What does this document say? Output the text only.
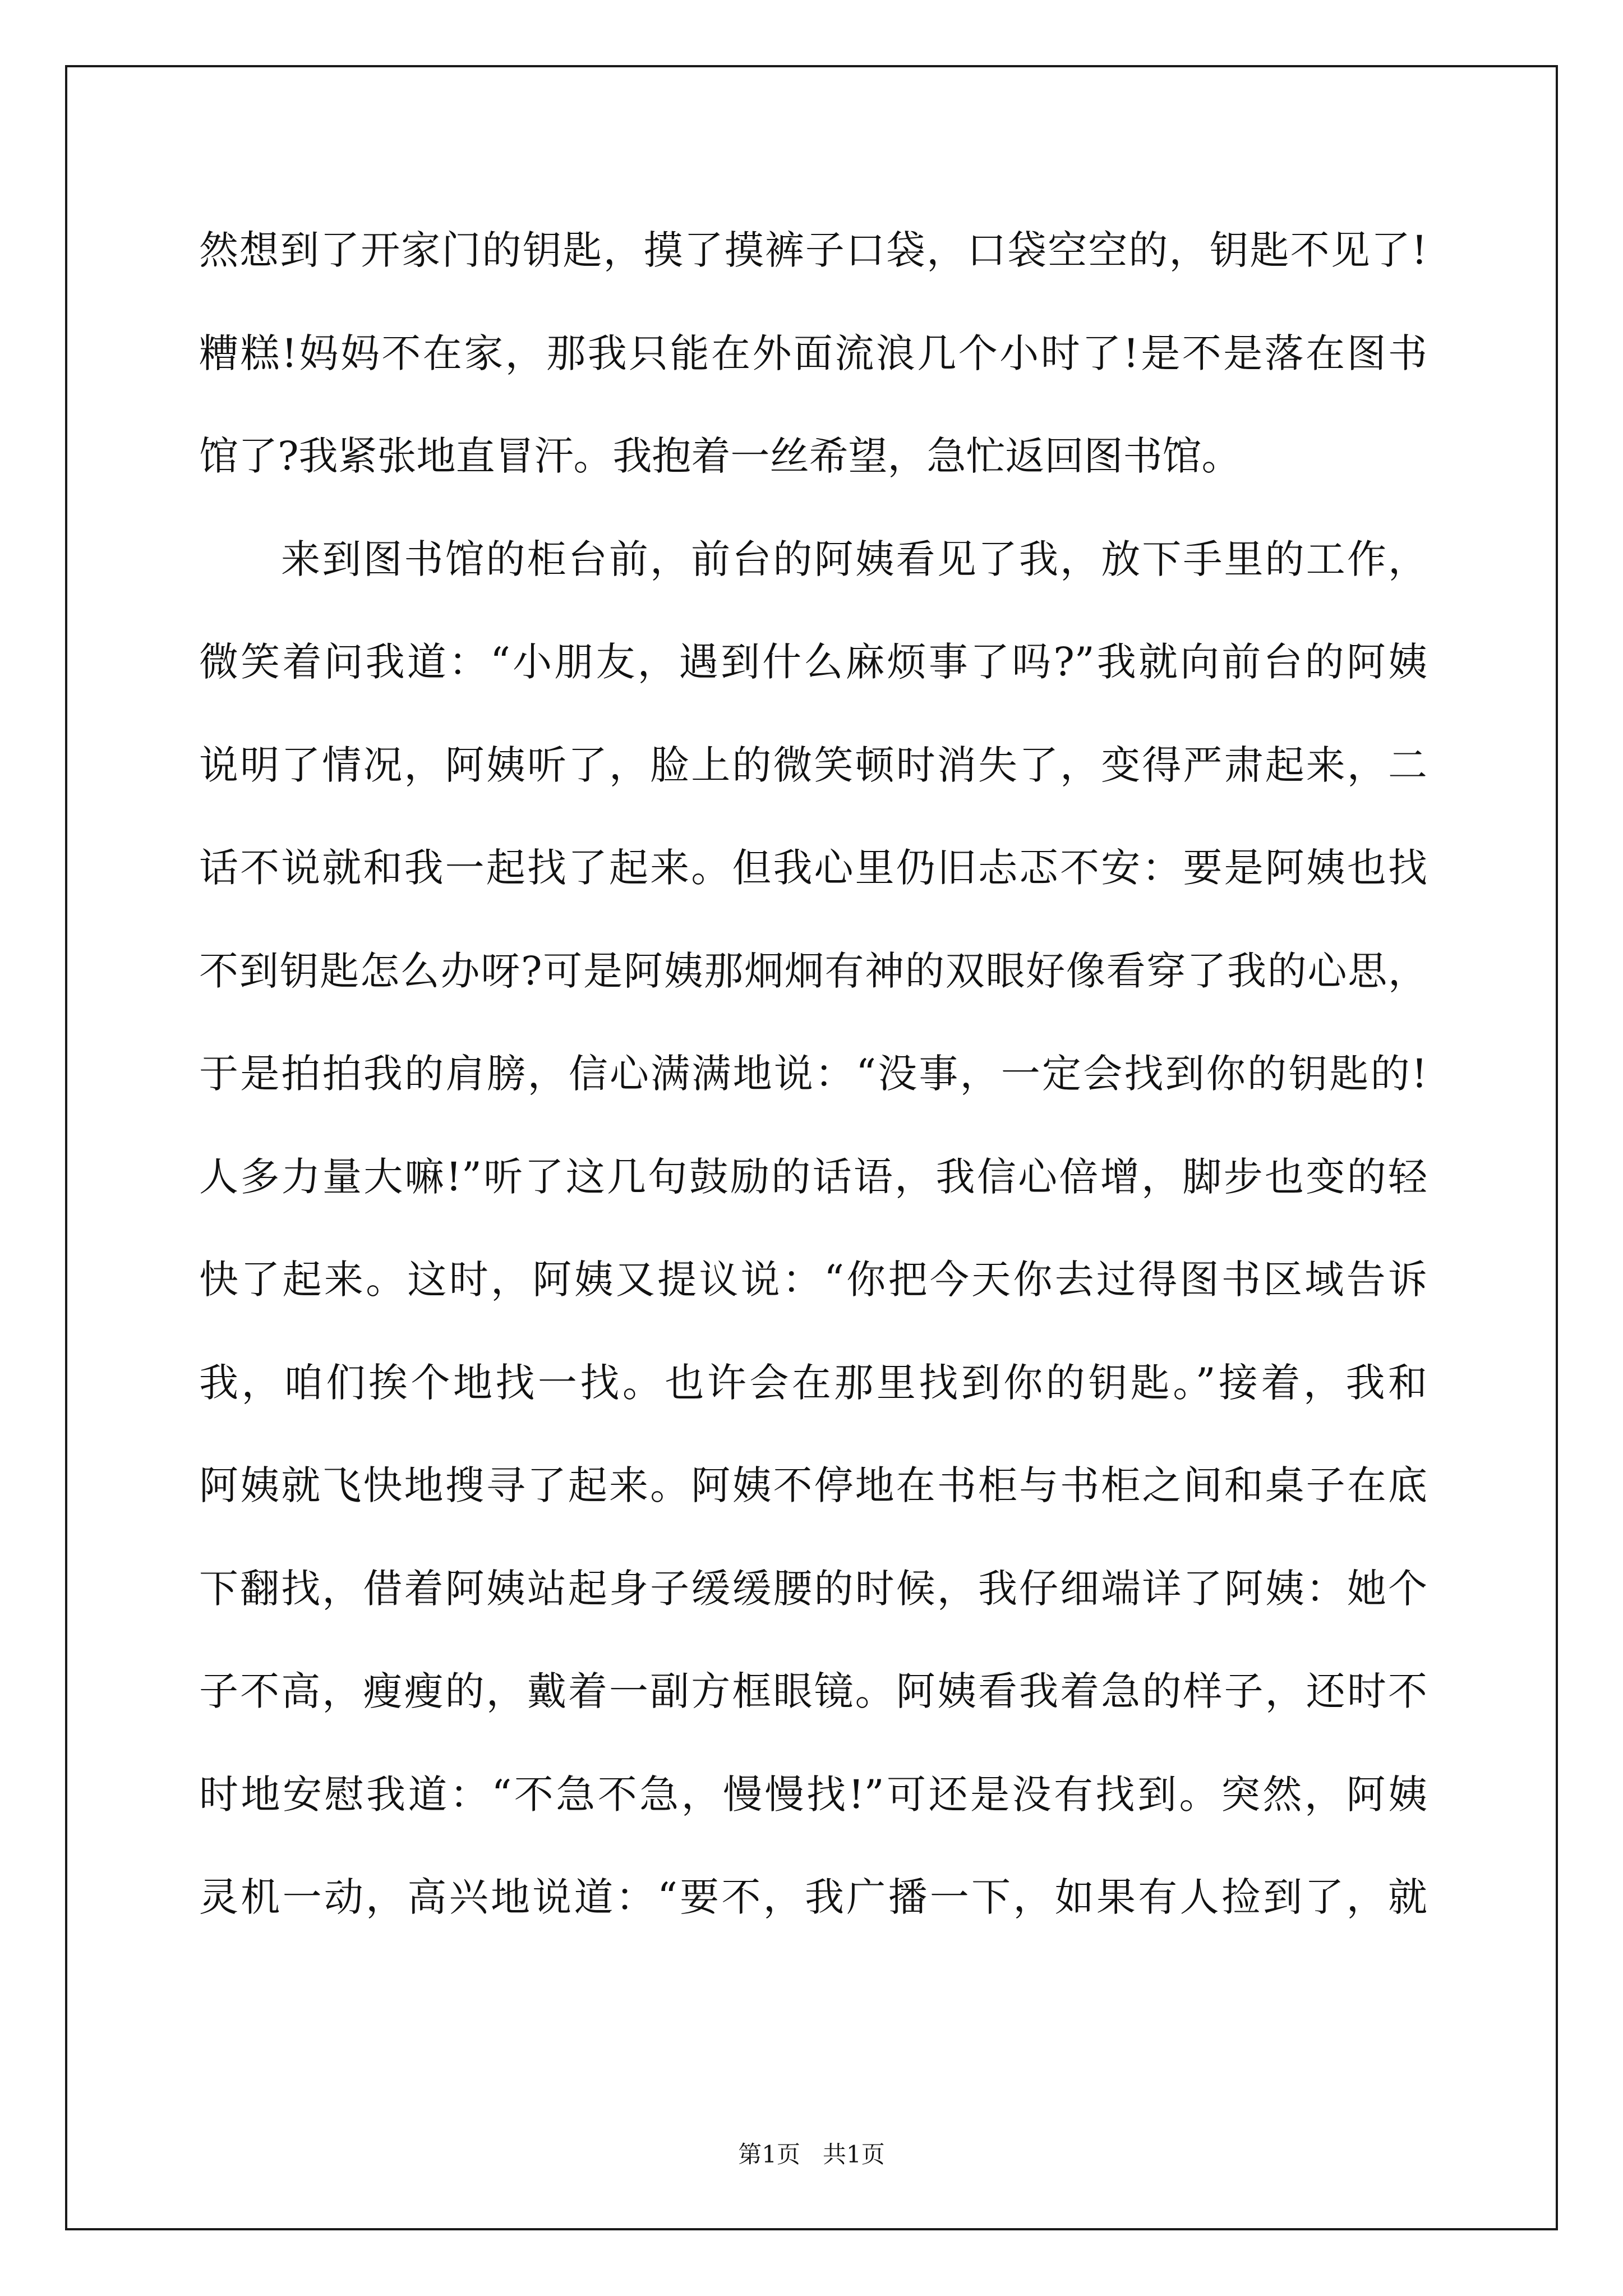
然想到了开家门的钥匙，摸了摸裤子口袋，口袋空空的，钥匙不见了!
糟糕!妈妈不在家，那我只能在外面流浪几个小时了!是不是落在图书
馆了?我紧张地直冒汗。我抱着一丝希望，急忙返回图书馆。
来到图书馆的柜台前，前台的阿姨看见了我，放下手里的工作，
微笑着问我道：“小朋友，遇到什么麻烦事了吗?”我就向前台的阿姨
说明了情况，阿姨听了，脸上的微笑顿时消失了，变得严肃起来，二
话不说就和我一起找了起来。但我心里仍旧忐忑不安：要是阿姨也找
不到钥匙怎么办呀?可是阿姨那炯炯有神的双眼好像看穿了我的心思，
于是拍拍我的肩膀，信心满满地说：“没事，一定会找到你的钥匙的!
人多力量大嘛!”听了这几句鼓励的话语，我信心倍增，脚步也变的轻
快了起来。这时，阿姨又提议说：“你把今天你去过得图书区域告诉
我，咱们挨个地找一找。也许会在那里找到你的钥匙。”接着，我和
阿姨就飞快地搜寻了起来。阿姨不停地在书柜与书柜之间和桌子在底
下翻找，借着阿姨站起身子缓缓腰的时候，我仔细端详了阿姨：她个
子不高，瘦瘦的，戴着一副方框眼镜。阿姨看我着急的样子，还时不
时地安慰我道：“不急不急，慢慢找!”可还是没有找到。突然，阿姨
灵机一动，高兴地说道：“要不，我广播一下，如果有人捡到了，就
第1页   共1页
